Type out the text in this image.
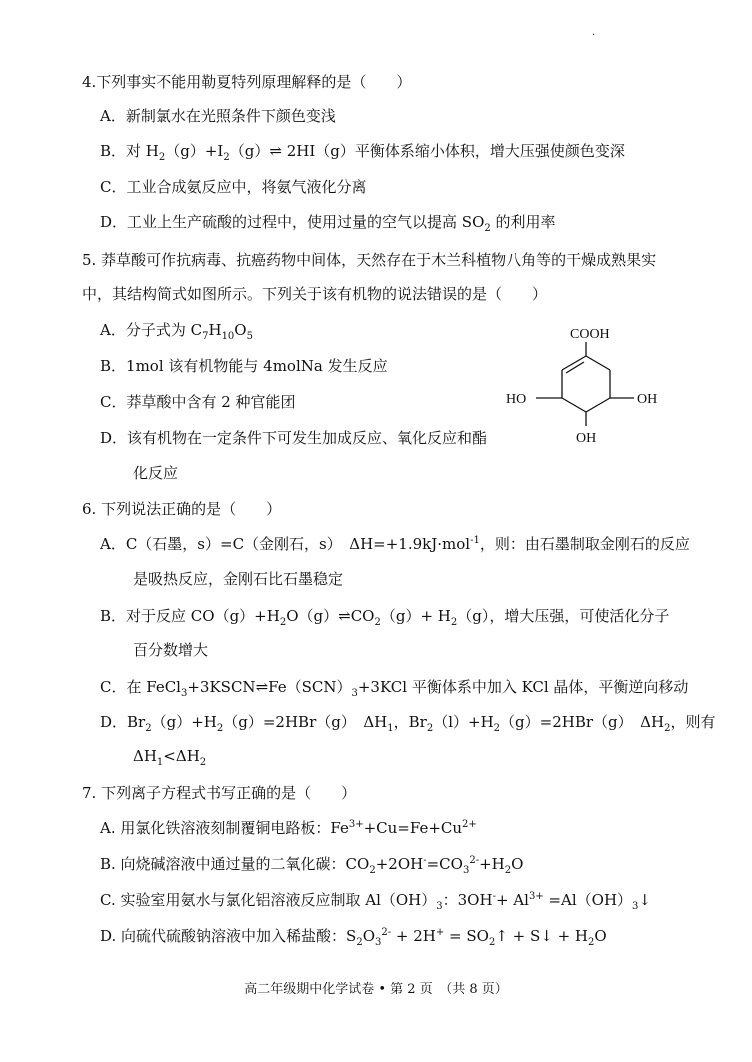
·
4.下列事实不能用勒夏特列原理解释的是（　　）
A．新制氯水在光照条件下颜色变浅
B．对 $H_2(g)+I_2(g)\rightleftharpoons$ 2HI（g）平衡体系缩小体积，增大压强使颜色变深
C．工业合成氨反应中，将氨气液化分离
D．工业上生产硫酸的过程中，使用过量的空气以提高 $SO_2$ 的利用率
5. 莽草酸可作抗病毒、抗癌药物中间体，天然存在于木兰科植物八角等的干燥成熟果实
中，其结构简式如图所示。下列关于该有机物的说法错误的是（　　）
A．分子式为 $C_7H_{10}O_5$
B．1mol 该有机物能与 4molNa 发生反应
C．莽草酸中含有 2 种官能团
D．该有机物在一定条件下可发生加成反应、氧化反应和酯
化反应
COOH
HO	OH
OH
6. 下列说法正确的是（　　）
A．C（石墨，s）=C（金刚石，s）　ΔH=+1.9kJ·mol$^{-1}$，则：由石墨制取金刚石的反应
是吸热反应，金刚石比石墨稳定
B．对于反应 $CO(g)+H_2O(g)\rightleftharpoons CO_2(g)+ H_2(g)$，增大压强，可使活化分子
百分数增大
C．在 $FeCl_3+3KSCN\rightleftharpoons Fe(SCN)_3+3KCl$ 平衡体系中加入 KCl 晶体，平衡逆向移动
D．$Br_2(g)+H_2(g)=2HBr(g)$　$\Delta H_1$，$Br_2(l)+H_2(g)=2HBr(g)$　$\Delta H_2$，则有
$\Delta H_1<\Delta H_2$
7. 下列离子方程式书写正确的是（　　）
A. 用氯化铁溶液刻制覆铜电路板：$Fe^{3+}+Cu=Fe+Cu^{2+}$
B. 向烧碱溶液中通过量的二氧化碳：$CO_2+2OH^-=CO_3^{2-}+H_2O$
C. 实验室用氨水与氯化铝溶液反应制取 $Al(OH)_3$：$3OH^-+ Al^{3+}$ $=Al(OH)_3↓$
D. 向硫代硫酸钠溶液中加入稀盐酸：$S_2O_3^{2-} + 2H^+$ = $SO_2↑$ + S↓ + $H_2O$
高二年级期中化学试卷 • 第 2 页　（共 8 页）
